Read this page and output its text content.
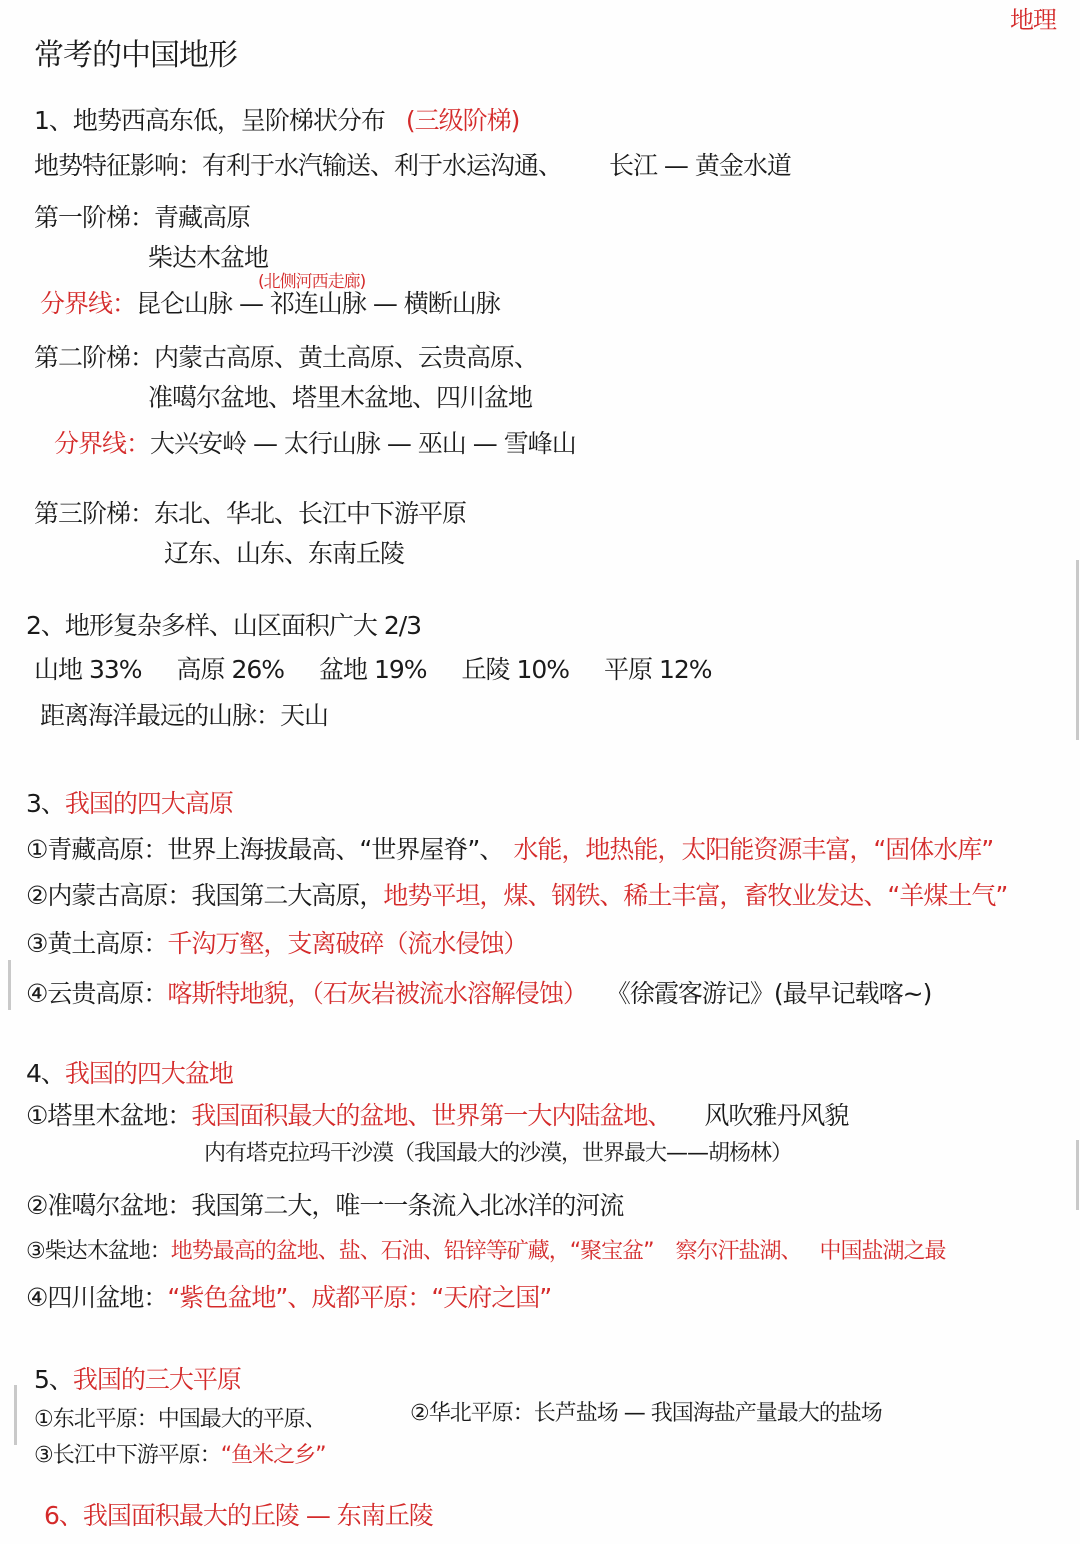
地理
常考的中国地形
1、地势西高东低，呈阶梯状分布 (三级阶梯)
地势特征影响：有利于水汽输送、利于水运沟通、 长江 — 黄金水道
第一阶梯：青藏高原
柴达木盆地
(北侧河西走廊)
分界线：昆仑山脉 — 祁连山脉 — 横断山脉
第二阶梯：内蒙古高原、黄土高原、云贵高原、
准噶尔盆地、塔里木盆地、四川盆地
分界线：大兴安岭 — 太行山脉 — 巫山 — 雪峰山
第三阶梯：东北、华北、长江中下游平原
辽东、山东、东南丘陵
2、地形复杂多样、山区面积广大 2/3
山地 33% 高原 26% 盆地 19% 丘陵 10% 平原 12%
距离海洋最远的山脉：天山
3、我国的四大高原
①青藏高原：世界上海拔最高、“世界屋脊”、 水能，地热能，太阳能资源丰富，“固体水库”
②内蒙古高原：我国第二大高原，地势平坦，煤、钢铁、稀土丰富，畜牧业发达、“羊煤土气”
③黄土高原：千沟万壑，支离破碎（流水侵蚀）
④云贵高原：喀斯特地貌，（石灰岩被流水溶解侵蚀） 《徐霞客游记》(最早记载喀~)
4、我国的四大盆地
①塔里木盆地：我国面积最大的盆地、世界第一大内陆盆地、 风吹雅丹风貌
内有塔克拉玛干沙漠（我国最大的沙漠，世界最大——胡杨林）
②准噶尔盆地：我国第二大，唯一一条流入北冰洋的河流
③柴达木盆地：地势最高的盆地、盐、石油、铅锌等矿藏，“聚宝盆” 察尔汗盐湖、 中国盐湖之最
④四川盆地：“紫色盆地”、成都平原：“天府之国”
5、我国的三大平原
①东北平原：中国最大的平原、	②华北平原：长芦盐场 — 我国海盐产量最大的盐场
③长江中下游平原：“鱼米之乡”
6、我国面积最大的丘陵 — 东南丘陵
